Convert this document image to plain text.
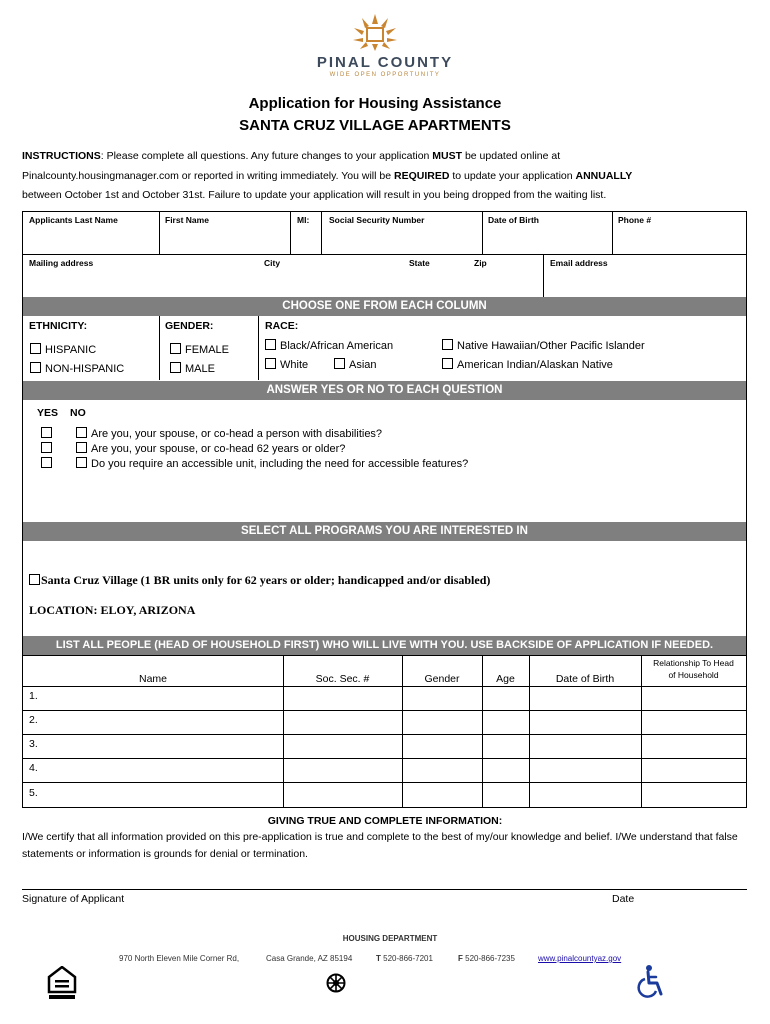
PINAL COUNTY
WIDE OPEN OPPORTUNITY
Application for Housing Assistance
SANTA CRUZ VILLAGE APARTMENTS
INSTRUCTIONS: Please complete all questions. Any future changes to your application MUST be updated online at
Pinalcounty.housingmanager.com or reported in writing immediately. You will be REQUIRED to update your application ANNUALLY
between October 1st and October 31st. Failure to update your application will result in you being dropped from the waiting list.
Applicants Last Name	First Name	MI: Social Security Number	Date of Birth	Phone #
Mailing address	City	State	Zip	Email address
CHOOSE ONE FROM EACH COLUMN
ETHNICITY:	GENDER:	RACE:
HISPANIC
NON-HISPANIC
FEMALE
MALE
Black/African American
White	Asian
Native Hawaiian/Other Pacific Islander
American Indian/Alaskan Native
ANSWER YES OR NO TO EACH QUESTION
YES NO
Are you, your spouse, or co-head a person with disabilities?
Are you, your spouse, or co-head 62 years or older?
Do you require an accessible unit, including the need for accessible features?
SELECT ALL PROGRAMS YOU ARE INTERESTED IN
Santa Cruz Village (1 BR units only for 62 years or older; handicapped and/or disabled)
LOCATION: ELOY, ARIZONA
LIST ALL PEOPLE (HEAD OF HOUSEHOLD FIRST) WHO WILL LIVE WITH YOU. USE BACKSIDE OF APPLICATION IF NEEDED.
Name	Soc. Sec. #	Gender	Age	Date of Birth
Relationship To Head
of Household
1.
2.
3.
4.
5.
GIVING TRUE AND COMPLETE INFORMATION:
I/We certify that all information provided on this pre-application is true and complete to the best of my/our knowledge and belief. I/We understand that false statements or information is grounds for denial or termination.
Signature of Applicant	Date
HOUSING DEPARTMENT
970 North Eleven Mile Corner Rd,	Casa Grande, AZ 85194	T 520-866-7201	F 520-866-7235	www.pinalcountyaz.gov
